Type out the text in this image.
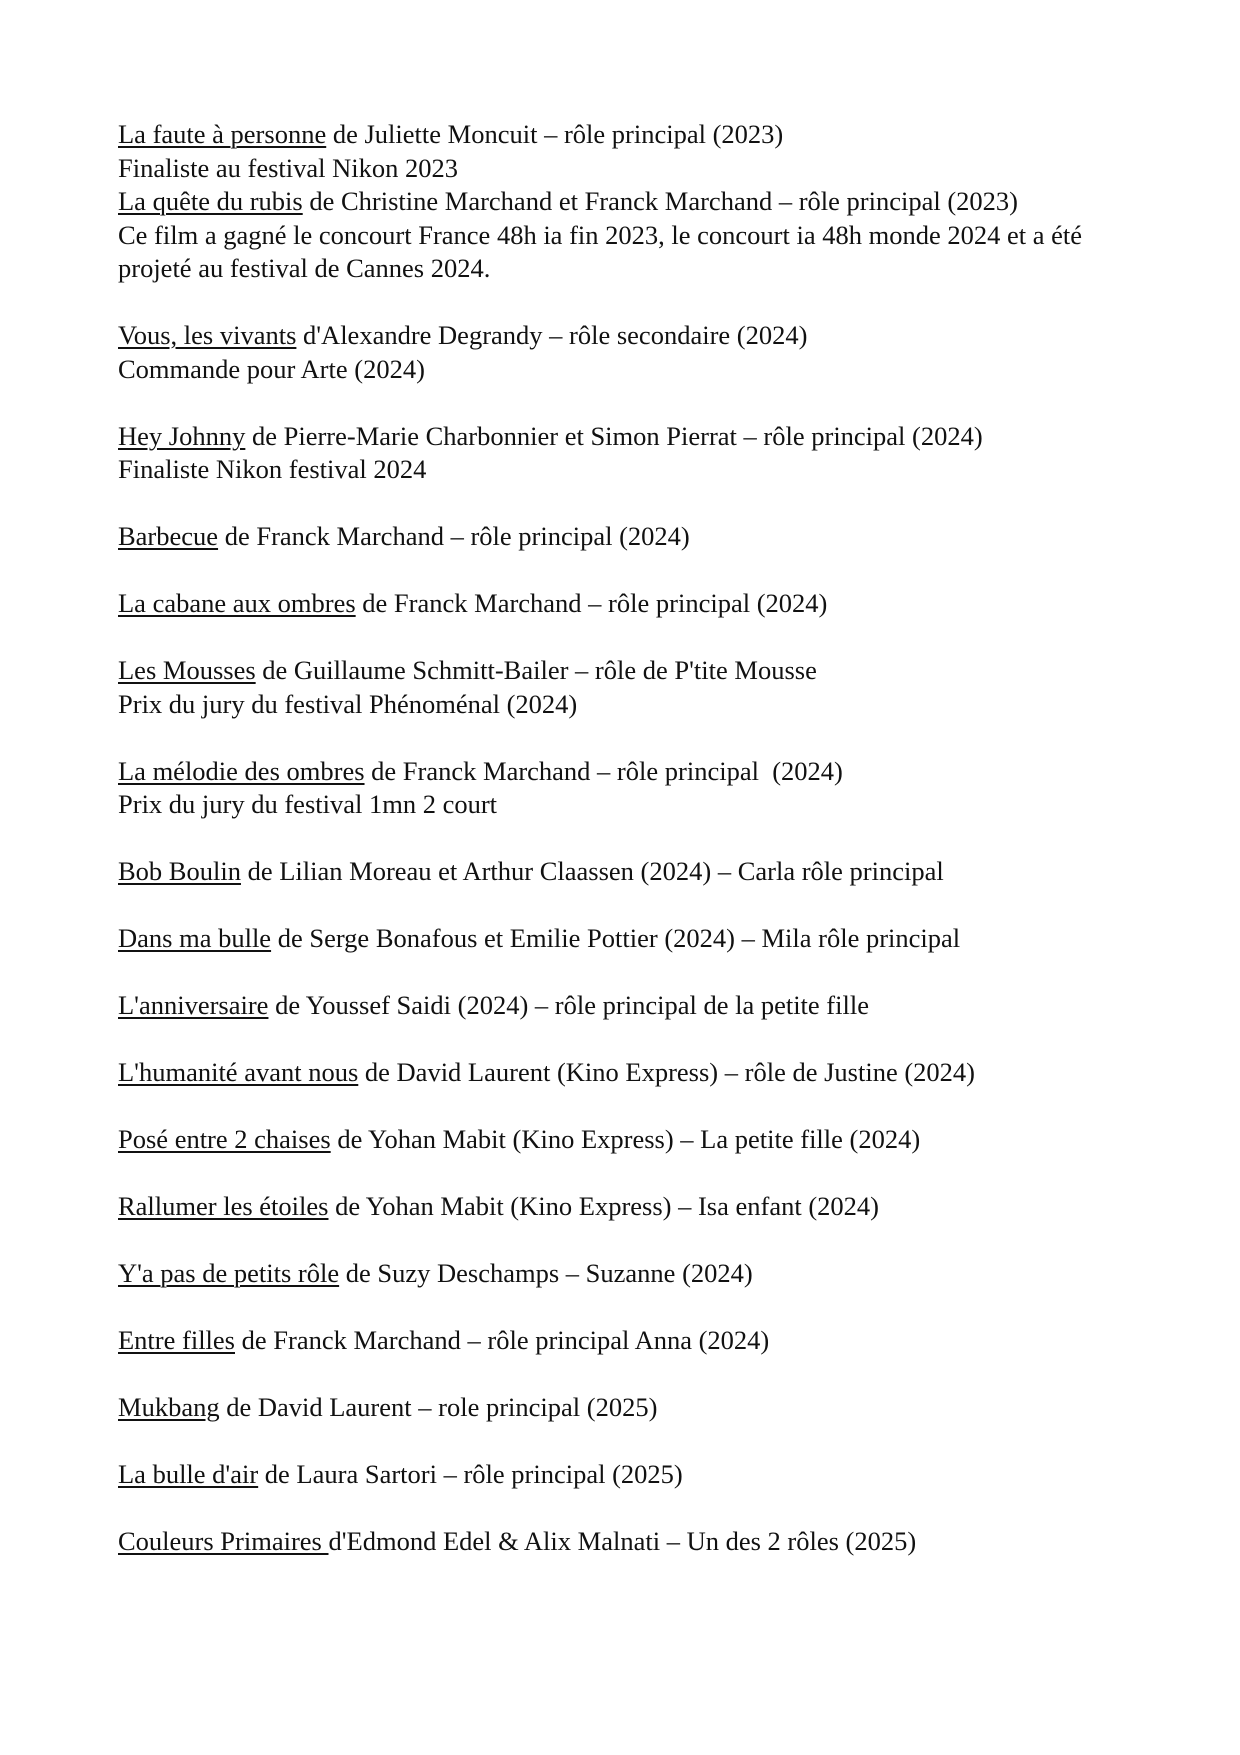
La faute à personne de Juliette Moncuit – rôle principal (2023)

Finaliste au festival Nikon 2023

La quête du rubis de Christine Marchand et Franck Marchand – rôle principal (2023)

Ce film a gagné le concourt France 48h ia fin 2023, le concourt ia 48h monde 2024 et a été projeté au festival de Cannes 2024.

Vous, les vivants d'Alexandre Degrandy – rôle secondaire (2024)

Commande pour Arte (2024)

Hey Johnny de Pierre-Marie Charbonnier et Simon Pierrat – rôle principal (2024)

Finaliste Nikon festival 2024

Barbecue de Franck Marchand – rôle principal (2024)

La cabane aux ombres de Franck Marchand – rôle principal (2024)

Les Mousses de Guillaume Schmitt-Bailer – rôle de P'tite Mousse

Prix du jury du festival Phénoménal (2024)

La mélodie des ombres de Franck Marchand – rôle principal  (2024)

Prix du jury du festival 1mn 2 court

Bob Boulin de Lilian Moreau et Arthur Claassen (2024) – Carla rôle principal

Dans ma bulle de Serge Bonafous et Emilie Pottier (2024) – Mila rôle principal

L'anniversaire de Youssef Saidi (2024) – rôle principal de la petite fille

L'humanité avant nous de David Laurent (Kino Express) – rôle de Justine (2024)

Posé entre 2 chaises de Yohan Mabit (Kino Express) – La petite fille (2024)

Rallumer les étoiles de Yohan Mabit (Kino Express) – Isa enfant (2024)

Y'a pas de petits rôle de Suzy Deschamps – Suzanne (2024)

Entre filles de Franck Marchand – rôle principal Anna (2024)

Mukbang de David Laurent – role principal (2025)

La bulle d'air de Laura Sartori – rôle principal (2025)

Couleurs Primaires d'Edmond Edel & Alix Malnati – Un des 2 rôles (2025)
